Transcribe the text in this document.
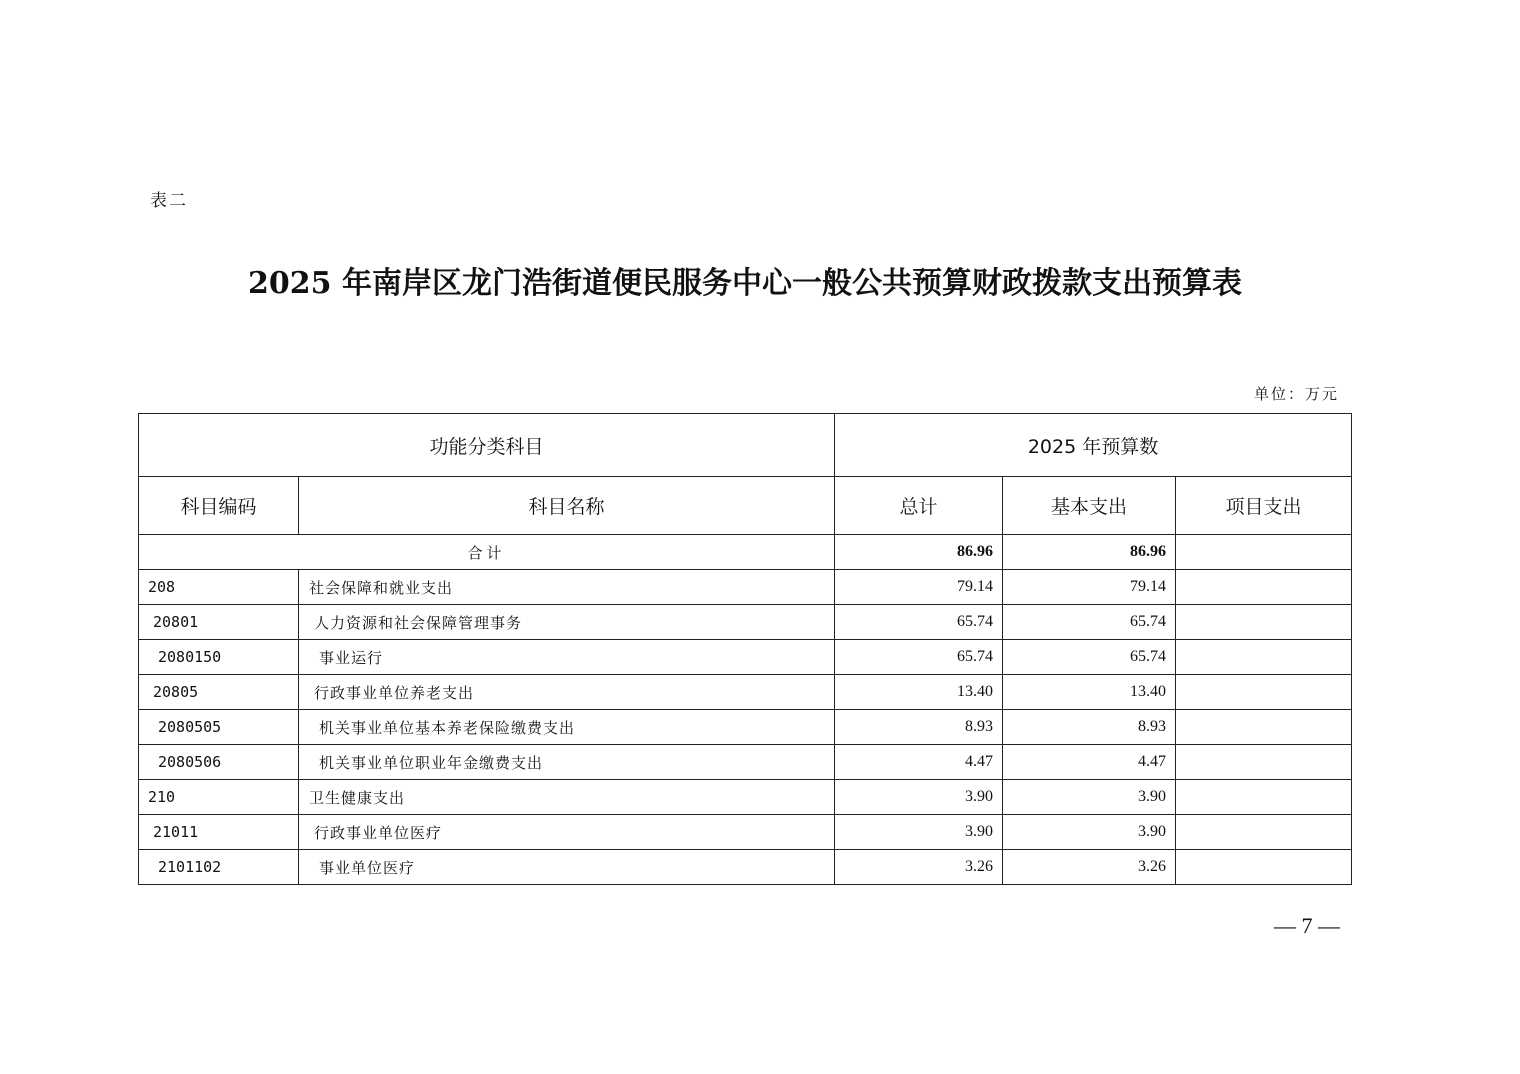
表二
2025 年南岸区龙门浩街道便民服务中心一般公共预算财政拨款支出预算表
单位：万元
功能分类科目		2025 年预算数		
科目编码	科目名称	总计	基本支出	项目支出
合计		86.96	86.96	
208	社会保障和就业支出	79.14	79.14	
20801	人力资源和社会保障管理事务	65.74	65.74	
2080150	事业运行	65.74	65.74	
20805	行政事业单位养老支出	13.40	13.40	
2080505	机关事业单位基本养老保险缴费支出	8.93	8.93	
2080506	机关事业单位职业年金缴费支出	4.47	4.47	
210	卫生健康支出	3.90	3.90	
21011	行政事业单位医疗	3.90	3.90	
2101102	事业单位医疗	3.26	3.26	
— 7 —
